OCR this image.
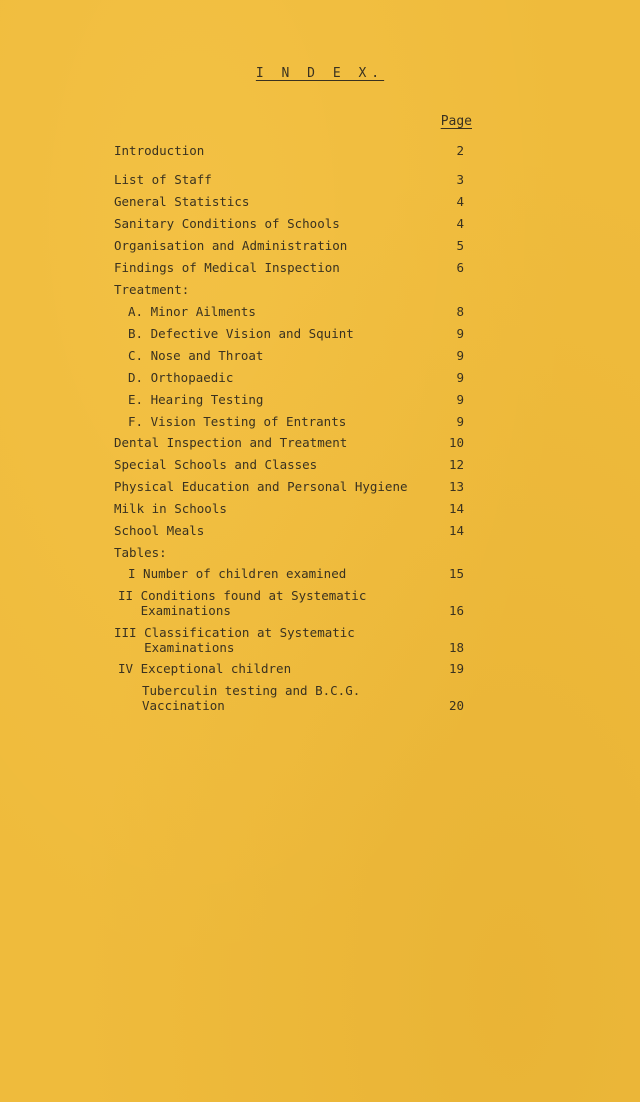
I N D E X.
Page
Introduction	2
List of Staff	3
General Statistics	4
Sanitary Conditions of Schools	4
Organisation and Administration	5
Findings of Medical Inspection	6
Treatment:
A. Minor Ailments	8
B. Defective Vision and Squint	9
C. Nose and Throat	9
D. Orthopaedic	9
E. Hearing Testing	9
F. Vision Testing of Entrants	9
Dental Inspection and Treatment	10
Special Schools and Classes	12
Physical Education and Personal Hygiene	13
Milk in Schools	14
School Meals	14
Tables:
I Number of children examined	15
II Conditions found at Systematic
Examinations	16
III Classification at Systematic
Examinations	18
IV Exceptional children	19
Tuberculin testing and B.C.G.
Vaccination	20
